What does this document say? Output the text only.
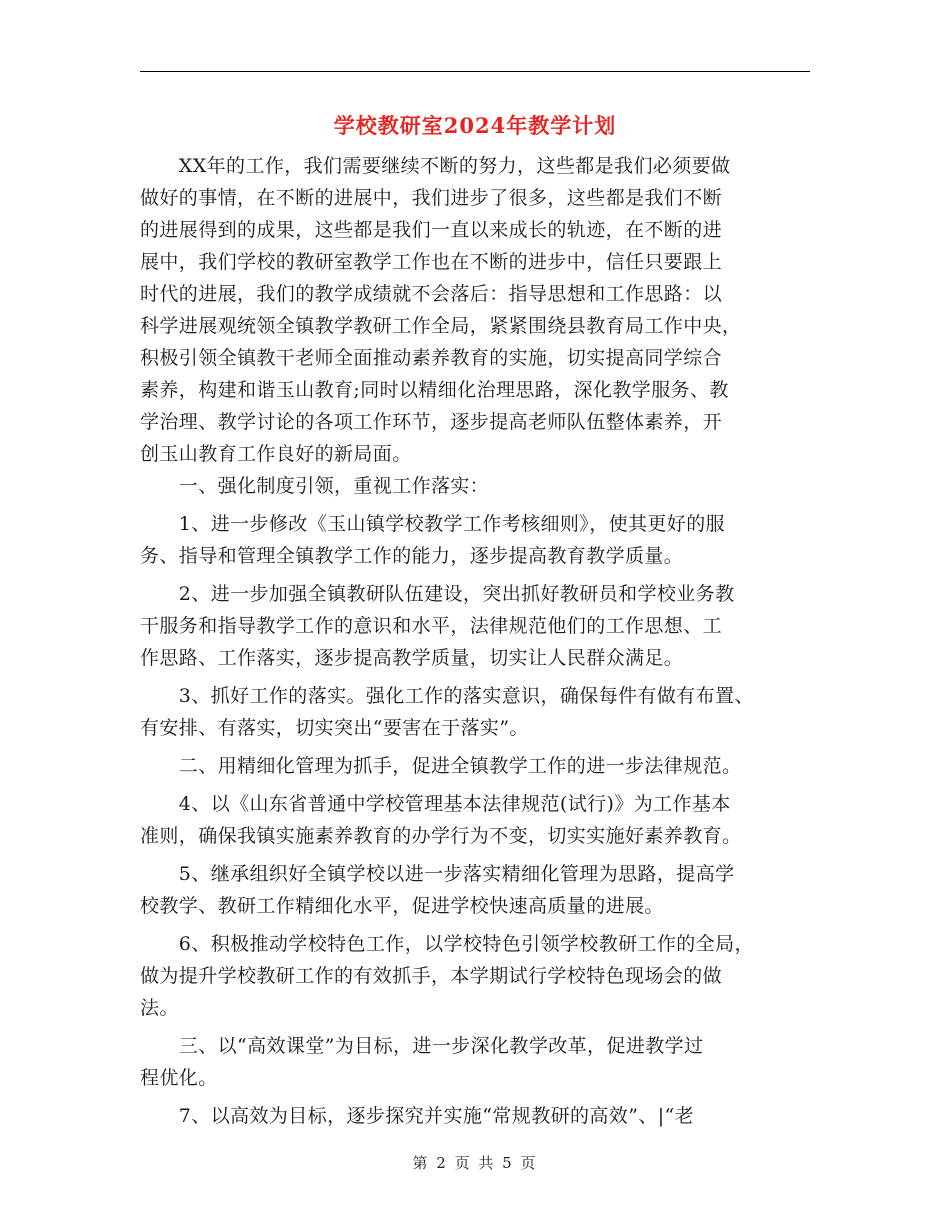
学校教研室2024年教学计划
　　XX年的工作，我们需要继续不断的努力，这些都是我们必须要做
做好的事情，在不断的进展中，我们进步了很多，这些都是我们不断
的进展得到的成果，这些都是我们一直以来成长的轨迹，在不断的进
展中，我们学校的教研室教学工作也在不断的进步中，信任只要跟上
时代的进展，我们的教学成绩就不会落后：指导思想和工作思路：以
科学进展观统领全镇教学教研工作全局，紧紧围绕县教育局工作中央，
积极引领全镇教干老师全面推动素养教育的实施，切实提高同学综合
素养，构建和谐玉山教育;同时以精细化治理思路，深化教学服务、教
学治理、教学讨论的各项工作环节，逐步提高老师队伍整体素养，开
创玉山教育工作良好的新局面。
　　一、强化制度引领，重视工作落实：
　　1、进一步修改《玉山镇学校教学工作考核细则》，使其更好的服
务、指导和管理全镇教学工作的能力，逐步提高教育教学质量。
　　2、进一步加强全镇教研队伍建设，突出抓好教研员和学校业务教
干服务和指导教学工作的意识和水平，法律规范他们的工作思想、工
作思路、工作落实，逐步提高教学质量，切实让人民群众满足。
　　3、抓好工作的落实。强化工作的落实意识，确保每件有做有布置、
有安排、有落实，切实突出“要害在于落实”。
　　二、用精细化管理为抓手，促进全镇教学工作的进一步法律规范。
　　4、以《山东省普通中学校管理基本法律规范(试行)》为工作基本
准则，确保我镇实施素养教育的办学行为不变，切实实施好素养教育。
　　5、继承组织好全镇学校以进一步落实精细化管理为思路，提高学
校教学、教研工作精细化水平，促进学校快速高质量的进展。
　　6、积极推动学校特色工作，以学校特色引领学校教研工作的全局，
做为提升学校教研工作的有效抓手，本学期试行学校特色现场会的做
法。
　　三、以“高效课堂”为目标，进一步深化教学改革，促进教学过
程优化。
　　7、以高效为目标，逐步探究并实施“常规教研的高效”、|“老
第 2 页 共 5 页
